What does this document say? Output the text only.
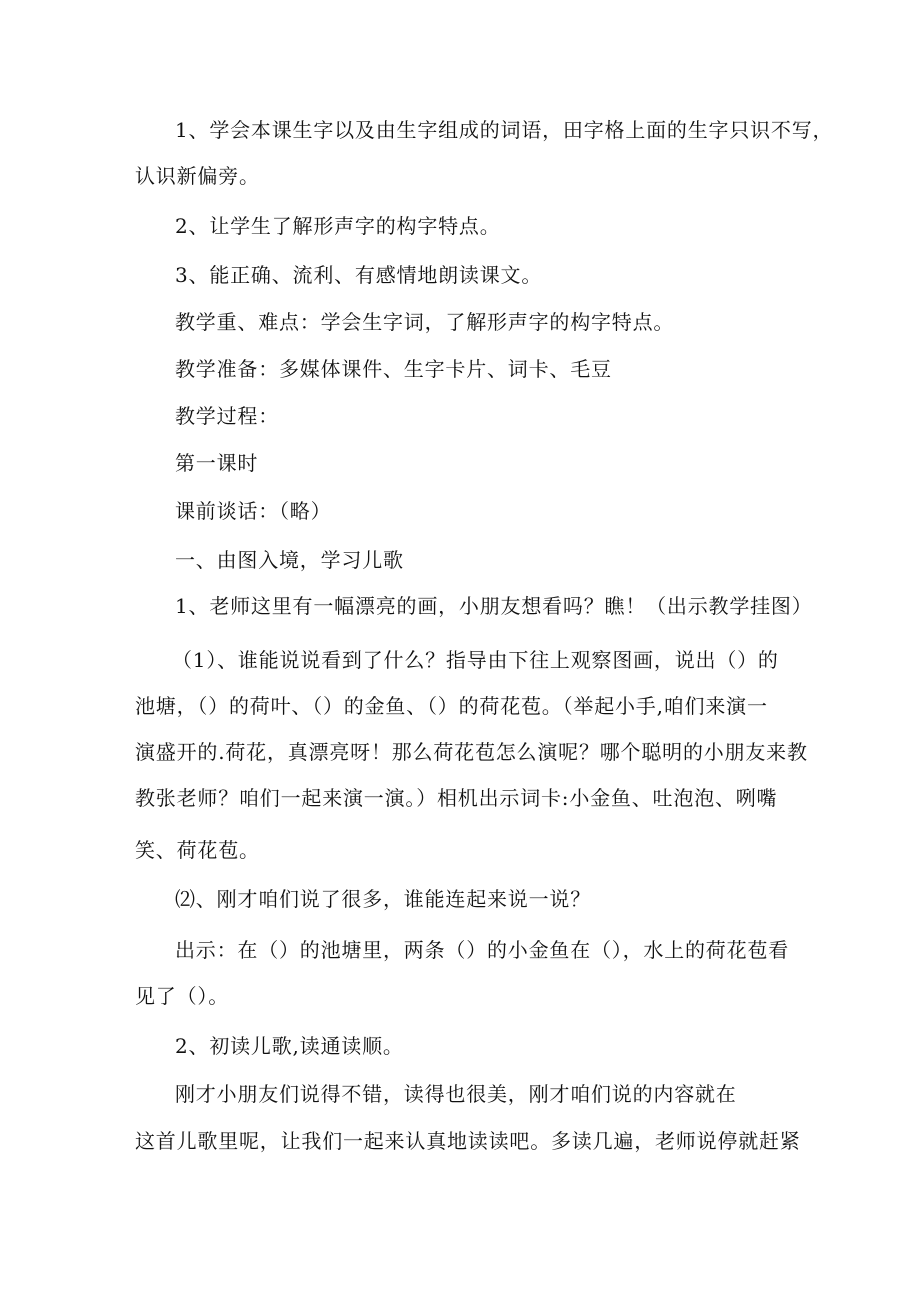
1、学会本课生字以及由生字组成的词语，田字格上面的生字只识不写，
认识新偏旁。
2、让学生了解形声字的构字特点。
3、能正确、流利、有感情地朗读课文。
教学重、难点：学会生字词，了解形声字的构字特点。
教学准备：多媒体课件、生字卡片、词卡、毛豆
教学过程：
第一课时
课前谈话：（略）
一、由图入境，学习儿歌
1、老师这里有一幅漂亮的画，小朋友想看吗？瞧！（出示教学挂图）
（1）、谁能说说看到了什么？指导由下往上观察图画，说出（）的
池塘，（）的荷叶、（）的金鱼、（）的荷花苞。（举起小手,咱们来演一
演盛开的.荷花，真漂亮呀！那么荷花苞怎么演呢？哪个聪明的小朋友来教
教张老师？咱们一起来演一演。）相机出示词卡:小金鱼、吐泡泡、咧嘴
笑、荷花苞。
⑵、刚才咱们说了很多，谁能连起来说一说？
出示：在（）的池塘里，两条（）的小金鱼在（），水上的荷花苞看
见了（）。
2、初读儿歌,读通读顺。
刚才小朋友们说得不错，读得也很美，刚才咱们说的内容就在
这首儿歌里呢，让我们一起来认真地读读吧。多读几遍，老师说停就赶紧
